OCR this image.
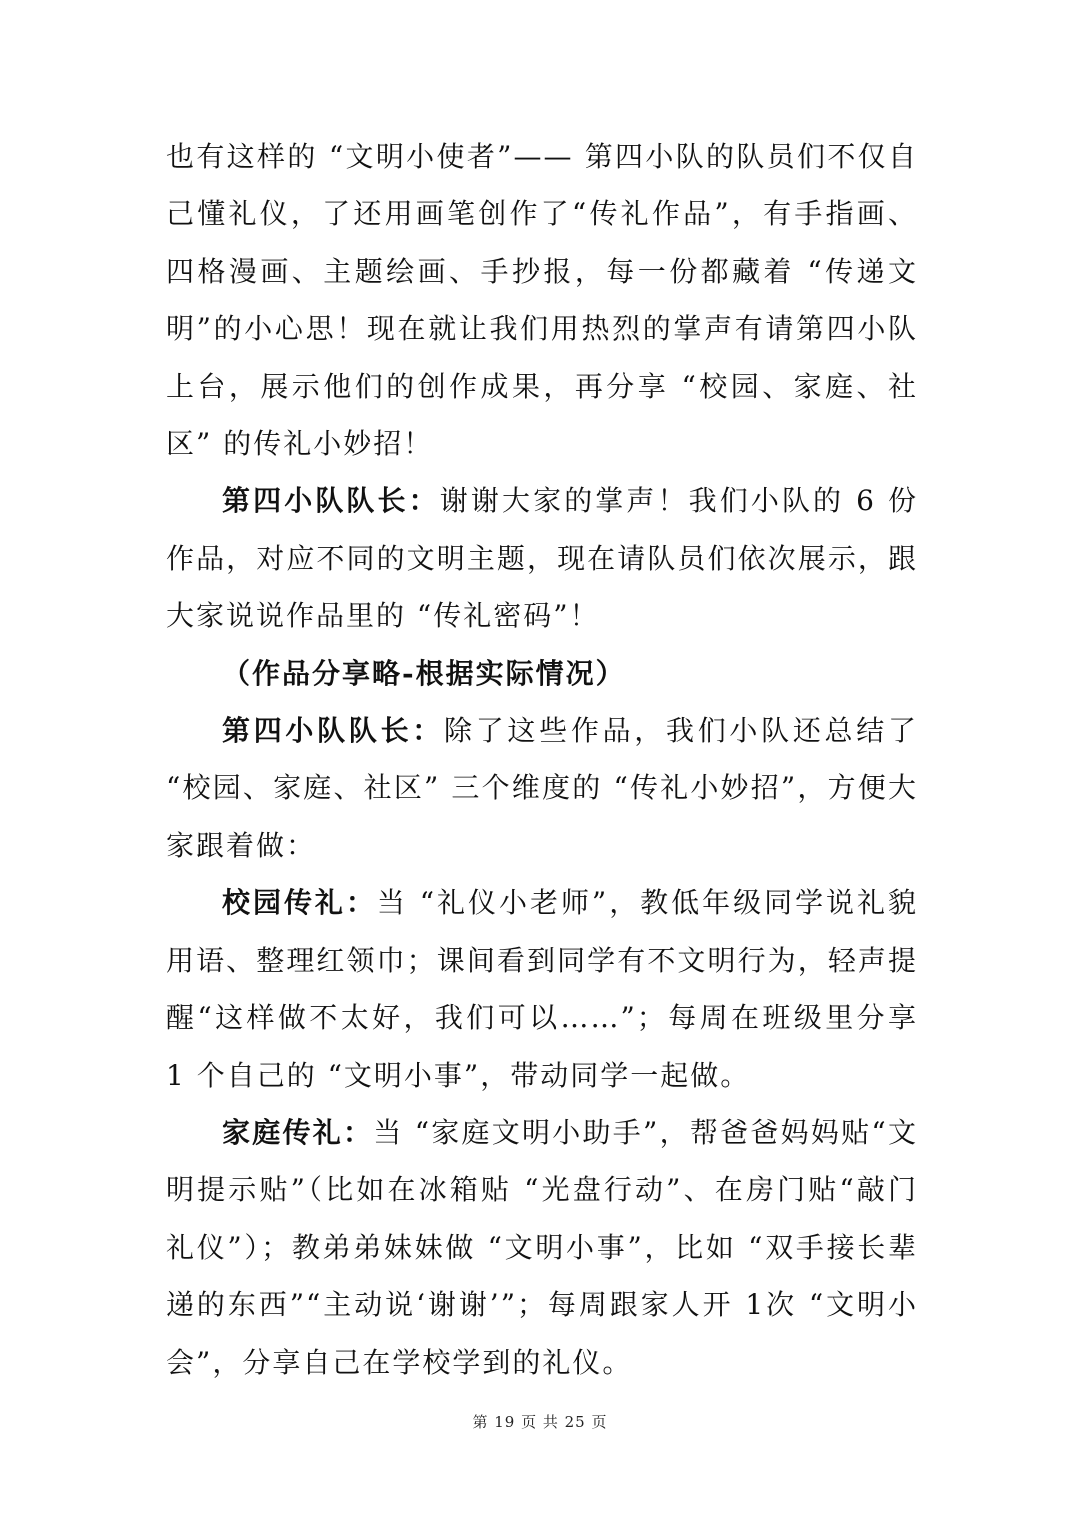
也有这样的 “文明小使者”—— 第四小队的队员们不仅自己懂礼仪，了还用画笔创作了“传礼作品”，有手指画、四格漫画、主题绘画、手抄报，每一份都藏着 “传递文明”的小心思！现在就让我们用热烈的掌声有请第四小队上台，展示他们的创作成果，再分享 “校园、家庭、社区” 的传礼小妙招！

第四小队队长：谢谢大家的掌声！我们小队的 6 份作品，对应不同的文明主题，现在请队员们依次展示，跟大家说说作品里的 “传礼密码”！

（作品分享略-根据实际情况）

第四小队队长：除了这些作品，我们小队还总结了 “校园、家庭、社区” 三个维度的 “传礼小妙招”，方便大家跟着做：

校园传礼：当 “礼仪小老师”，教低年级同学说礼貌用语、整理红领巾；课间看到同学有不文明行为，轻声提醒“这样做不太好，我们可以……”；每周在班级里分享 1 个自己的 “文明小事”，带动同学一起做。

家庭传礼：当 “家庭文明小助手”，帮爸爸妈妈贴“文明提示贴”（比如在冰箱贴 “光盘行动”、在房门贴“敲门礼仪”）；教弟弟妹妹做 “文明小事”，比如 “双手接长辈递的东西”“主动说‘谢谢’”；每周跟家人开 1次 “文明小会”，分享自己在学校学到的礼仪。

第 19 页 共 25 页
